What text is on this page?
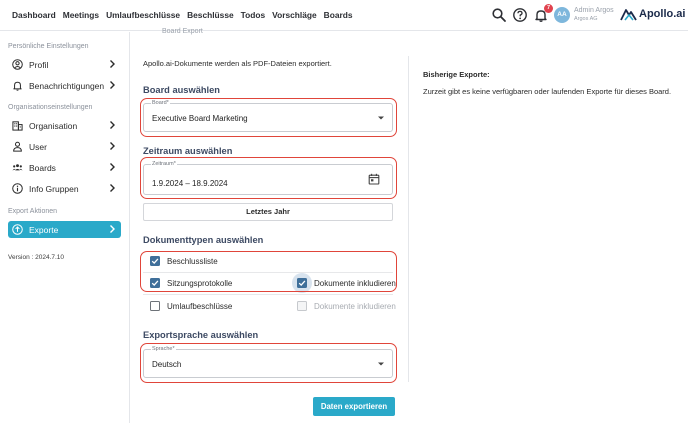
Dashboard Meetings Umlaufbeschlüsse Beschlüsse Todos Vorschläge Boards
7
AA
Admin Argos
Argos AG	Apollo.ai
Persönliche Einstellungen
Profil
Benachrichtigungen
Organisationseinstellungen
Organisation
User
Boards
Info Gruppen
Export Aktionen
Exporte
Version : 2024.7.10
Board Export
Apollo.ai-Dokumente werden als PDF-Dateien exportiert.
Board auswählen
Board*
Executive Board Marketing
Zeitraum auswählen
Zeitraum*
1.9.2024 – 18.9.2024
Letztes Jahr
Dokumenttypen auswählen
Beschlussliste
Sitzungsprotokolle	Dokumente inkludieren
Umlaufbeschlüsse	Dokumente inkludieren
Exportsprache auswählen
Sprache*
Deutsch
Daten exportieren
Bisherige Exporte:
Zurzeit gibt es keine verfügbaren oder laufenden Exporte für dieses Board.
